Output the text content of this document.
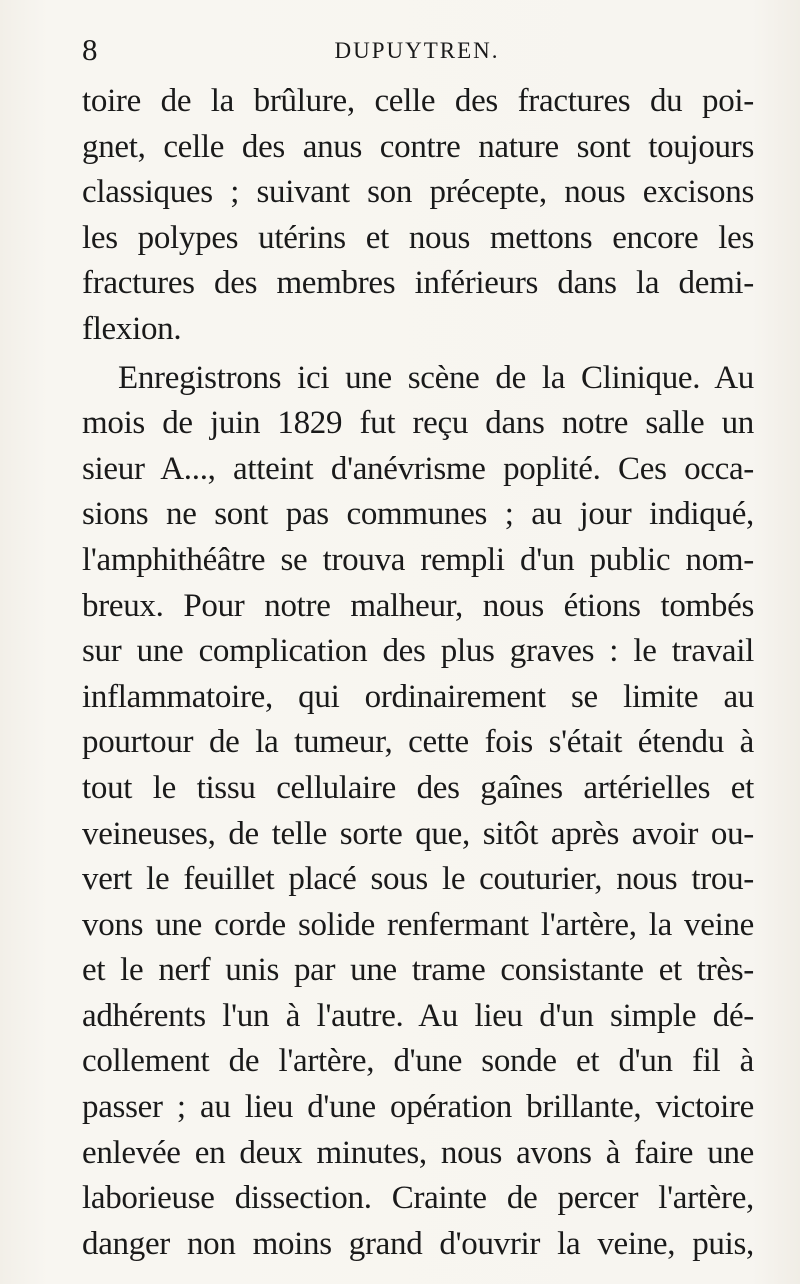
8	DUPUYTREN.
toire de la brûlure, celle des fractures du poi-
gnet, celle des anus contre nature sont toujours
classiques ; suivant son précepte, nous excisons
les polypes utérins et nous mettons encore les
fractures des membres inférieurs dans la demi-
flexion.
Enregistrons ici une scène de la Clinique. Au
mois de juin 1829 fut reçu dans notre salle un
sieur A..., atteint d'anévrisme poplité. Ces occa-
sions ne sont pas communes ; au jour indiqué,
l'amphithéâtre se trouva rempli d'un public nom-
breux. Pour notre malheur, nous étions tombés
sur une complication des plus graves : le travail
inflammatoire, qui ordinairement se limite au
pourtour de la tumeur, cette fois s'était étendu à
tout le tissu cellulaire des gaînes artérielles et
veineuses, de telle sorte que, sitôt après avoir ou-
vert le feuillet placé sous le couturier, nous trou-
vons une corde solide renfermant l'artère, la veine
et le nerf unis par une trame consistante et très-
adhérents l'un à l'autre. Au lieu d'un simple dé-
collement de l'artère, d'une sonde et d'un fil à
passer ; au lieu d'une opération brillante, victoire
enlevée en deux minutes, nous avons à faire une
laborieuse dissection. Crainte de percer l'artère,
danger non moins grand d'ouvrir la veine, puis,
